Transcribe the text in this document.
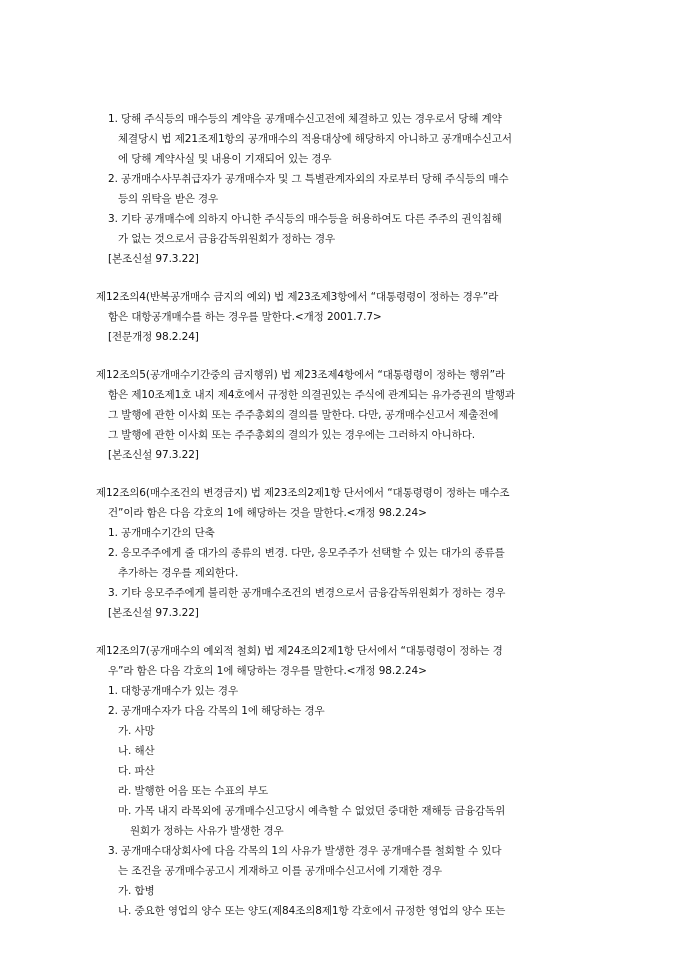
1. 당해 주식등의 매수등의 계약을 공개매수신고전에 체결하고 있는 경우로서 당해 계약
체결당시 법 제21조제1항의 공개매수의 적용대상에 해당하지 아니하고 공개매수신고서
에 당해 계약사실 및 내용이 기재되어 있는 경우
2. 공개매수사무취급자가 공개매수자 및 그 특별관계자외의 자로부터 당해 주식등의 매수
등의 위탁을 받은 경우
3. 기타 공개매수에 의하지 아니한 주식등의 매수등을 허용하여도 다른 주주의 권익침해
가 없는 것으로서 금융감독위원회가 정하는 경우
[본조신설 97.3.22]
제12조의4(반복공개매수 금지의 예외) 법 제23조제3항에서 “대통령령이 정하는 경우”라
함은 대항공개매수를 하는 경우를 말한다.<개정 2001.7.7>
[전문개정 98.2.24]
제12조의5(공개매수기간중의 금지행위) 법 제23조제4항에서 “대통령령이 정하는 행위”라
함은 제10조제1호 내지 제4호에서 규정한 의결권있는 주식에 관계되는 유가증권의 발행과
그 발행에 관한 이사회 또는 주주총회의 결의를 말한다. 다만, 공개매수신고서 제출전에
그 발행에 관한 이사회 또는 주주총회의 결의가 있는 경우에는 그러하지 아니하다.
[본조신설 97.3.22]
제12조의6(매수조건의 변경금지) 법 제23조의2제1항 단서에서 “대통령령이 정하는 매수조
건”이라 함은 다음 각호의 1에 해당하는 것을 말한다.<개정 98.2.24>
1. 공개매수기간의 단축
2. 응모주주에게 줄 대가의 종류의 변경. 다만, 응모주주가 선택할 수 있는 대가의 종류를
추가하는 경우를 제외한다.
3. 기타 응모주주에게 불리한 공개매수조건의 변경으로서 금융감독위원회가 정하는 경우
[본조신설 97.3.22]
제12조의7(공개매수의 예외적 철회) 법 제24조의2제1항 단서에서 “대통령령이 정하는 경
우”라 함은 다음 각호의 1에 해당하는 경우를 말한다.<개정 98.2.24>
1. 대항공개매수가 있는 경우
2. 공개매수자가 다음 각목의 1에 해당하는 경우
가. 사망
나. 해산
다. 파산
라. 발행한 어음 또는 수표의 부도
마. 가목 내지 라목외에 공개매수신고당시 예측할 수 없었던 중대한 재해등 금융감독위
원회가 정하는 사유가 발생한 경우
3. 공개매수대상회사에 다음 각목의 1의 사유가 발생한 경우 공개매수를 철회할 수 있다
는 조건을 공개매수공고시 게재하고 이를 공개매수신고서에 기재한 경우
가. 합병
나. 중요한 영업의 양수 또는 양도(제84조의8제1항 각호에서 규정한 영업의 양수 또는
